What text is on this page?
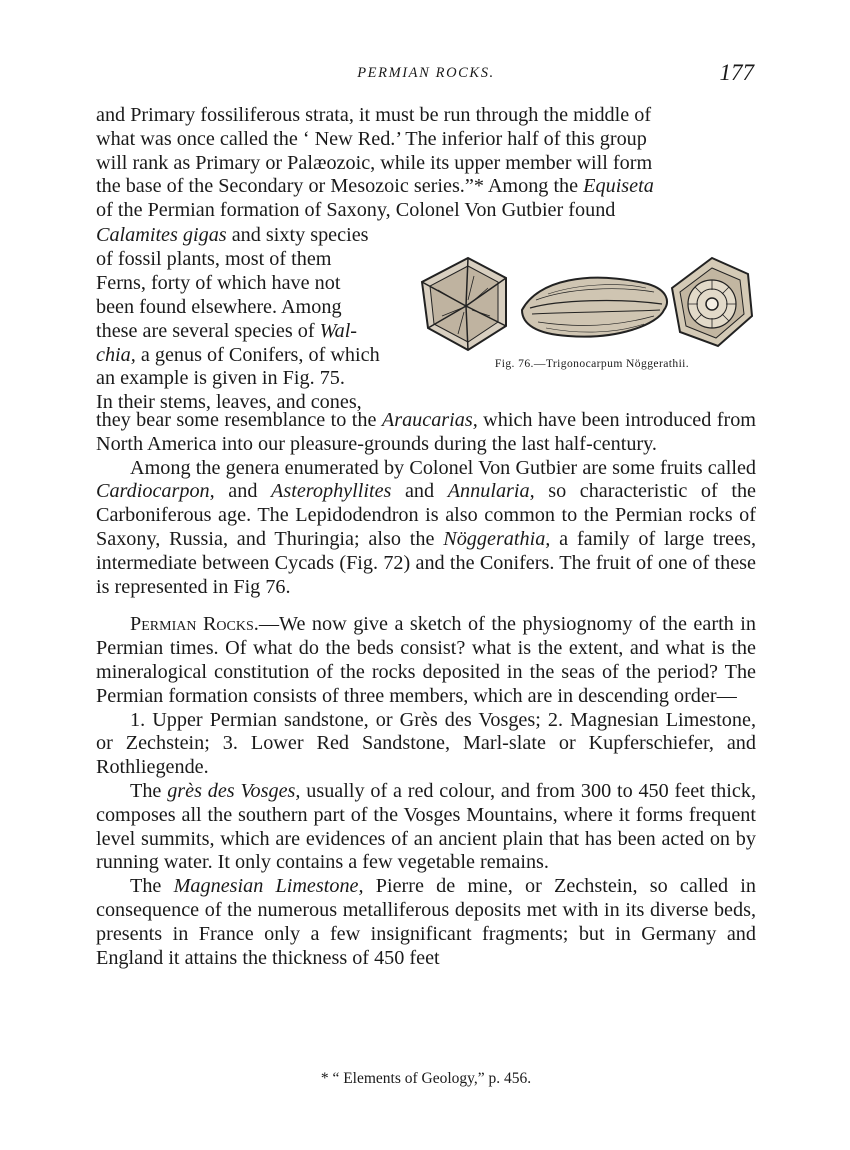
PERMIAN ROCKS.	177
and Primary fossiliferous strata, it must be run through the middle of
what was once called the ‘ New Red.’ The inferior half of this group
will rank as Primary or Palæozoic, while its upper member will form
the base of the Secondary or Mesozoic series.”* Among the Equiseta
of the Permian formation of Saxony, Colonel Von Gutbier found
Calamites gigas and sixty species
of fossil plants, most of them
Ferns, forty of which have not
been found elsewhere. Among
these are several species of Wal-
chia, a genus of Conifers, of which
an example is given in Fig. 75.
In their stems, leaves, and cones,
Fig. 76.—Trigonocarpum Nöggerathii.

they bear some resemblance to the Araucarias, which have been introduced from North America into our pleasure-grounds during the last half-century.

Among the genera enumerated by Colonel Von Gutbier are some fruits called Cardiocarpon, and Asterophyllites and Annularia, so characteristic of the Carboniferous age. The Lepidodendron is also common to the Permian rocks of Saxony, Russia, and Thuringia; also the Nöggerathia, a family of large trees, intermediate between Cycads (Fig. 72) and the Conifers. The fruit of one of these is represented in Fig 76.

Permian Rocks.—We now give a sketch of the physiognomy of the earth in Permian times. Of what do the beds consist? what is the extent, and what is the mineralogical constitution of the rocks deposited in the seas of the period? The Permian formation consists of three members, which are in descending order—

1. Upper Permian sandstone, or Grès des Vosges; 2. Magnesian Limestone, or Zechstein; 3. Lower Red Sandstone, Marl-slate or Kupferschiefer, and Rothliegende.

The grès des Vosges, usually of a red colour, and from 300 to 450 feet thick, composes all the southern part of the Vosges Mountains, where it forms frequent level summits, which are evidences of an ancient plain that has been acted on by running water. It only contains a few vegetable remains.

The Magnesian Limestone, Pierre de mine, or Zechstein, so called in consequence of the numerous metalliferous deposits met with in its diverse beds, presents in France only a few insignificant fragments; but in Germany and England it attains the thickness of 450 feet

* “ Elements of Geology,” p. 456.
